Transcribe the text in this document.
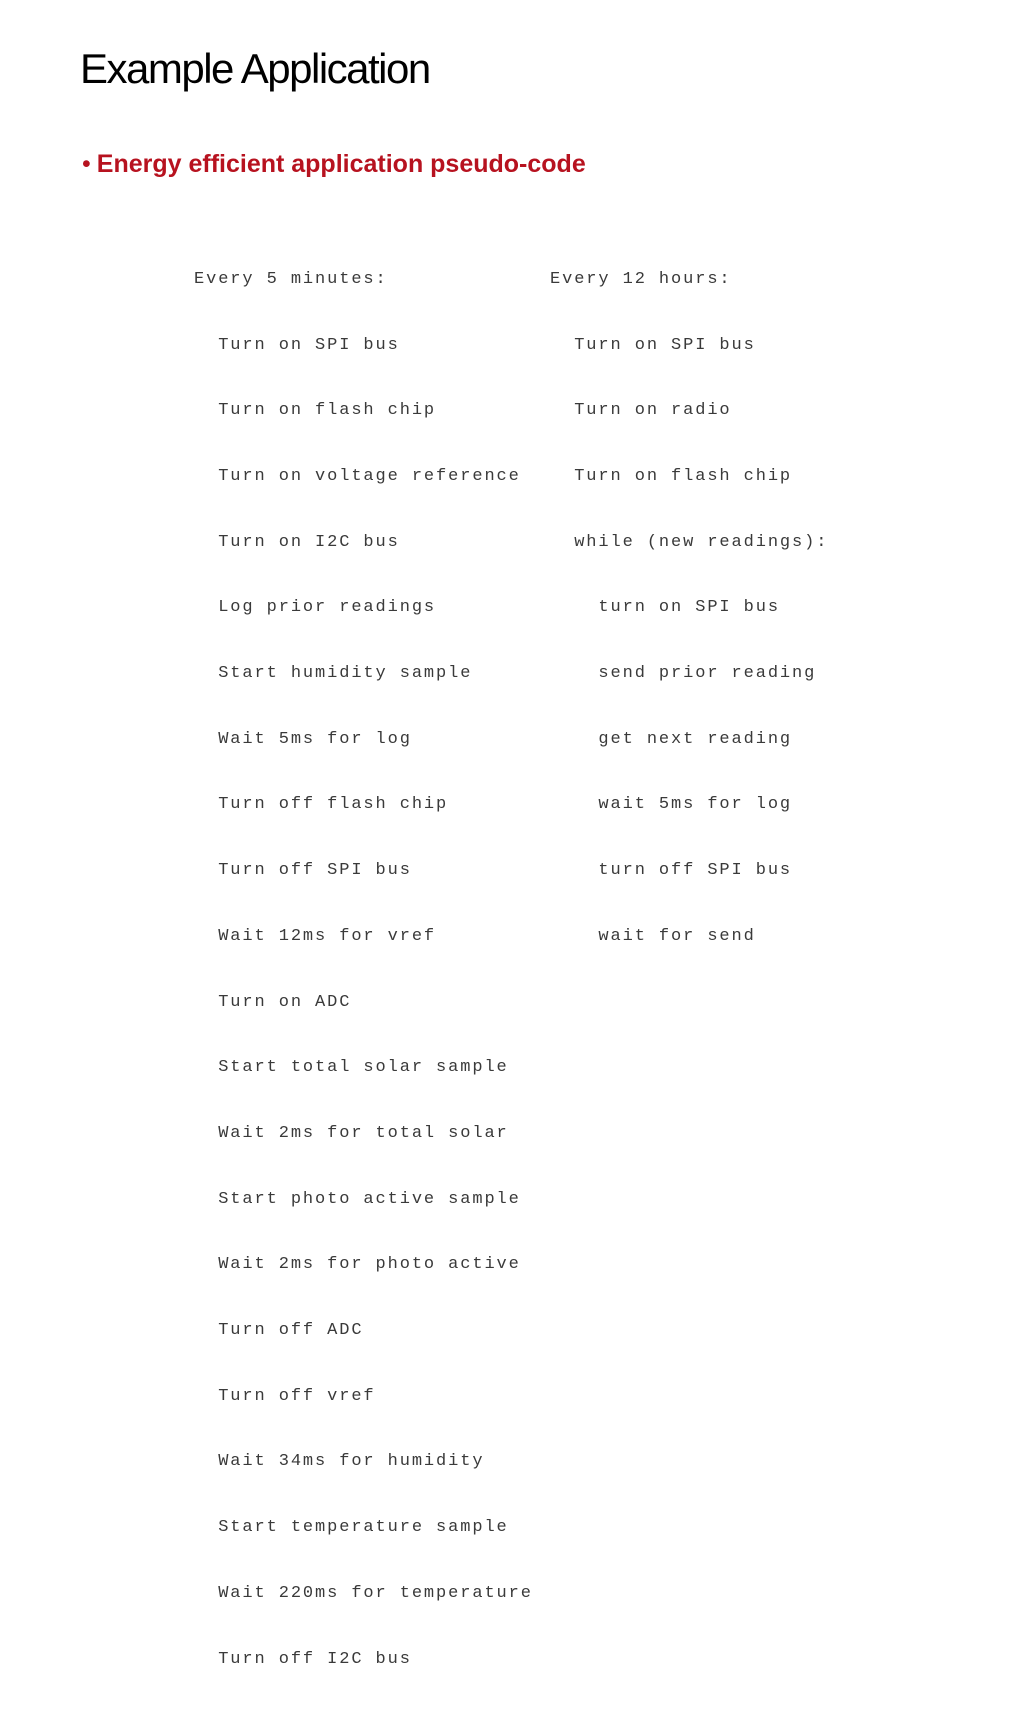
Example Application
• Energy efficient application pseudo-code

Every 5 minutes:

Turn on SPI bus

Turn on flash chip

Turn on voltage reference

Turn on I2C bus

Log prior readings

Start humidity sample

Wait 5ms for log

Turn off flash chip

Turn off SPI bus

Wait 12ms for vref

Turn on ADC

Start total solar sample

Wait 2ms for total solar

Start photo active sample

Wait 2ms for photo active

Turn off ADC

Turn off vref

Wait 34ms for humidity

Start temperature sample

Wait 220ms for temperature

Turn off I2C bus

Every 12 hours:

Turn on SPI bus

Turn on radio

Turn on flash chip

while (new readings):

turn on SPI bus

send prior reading

get next reading

wait 5ms for log

turn off SPI bus

wait for send
